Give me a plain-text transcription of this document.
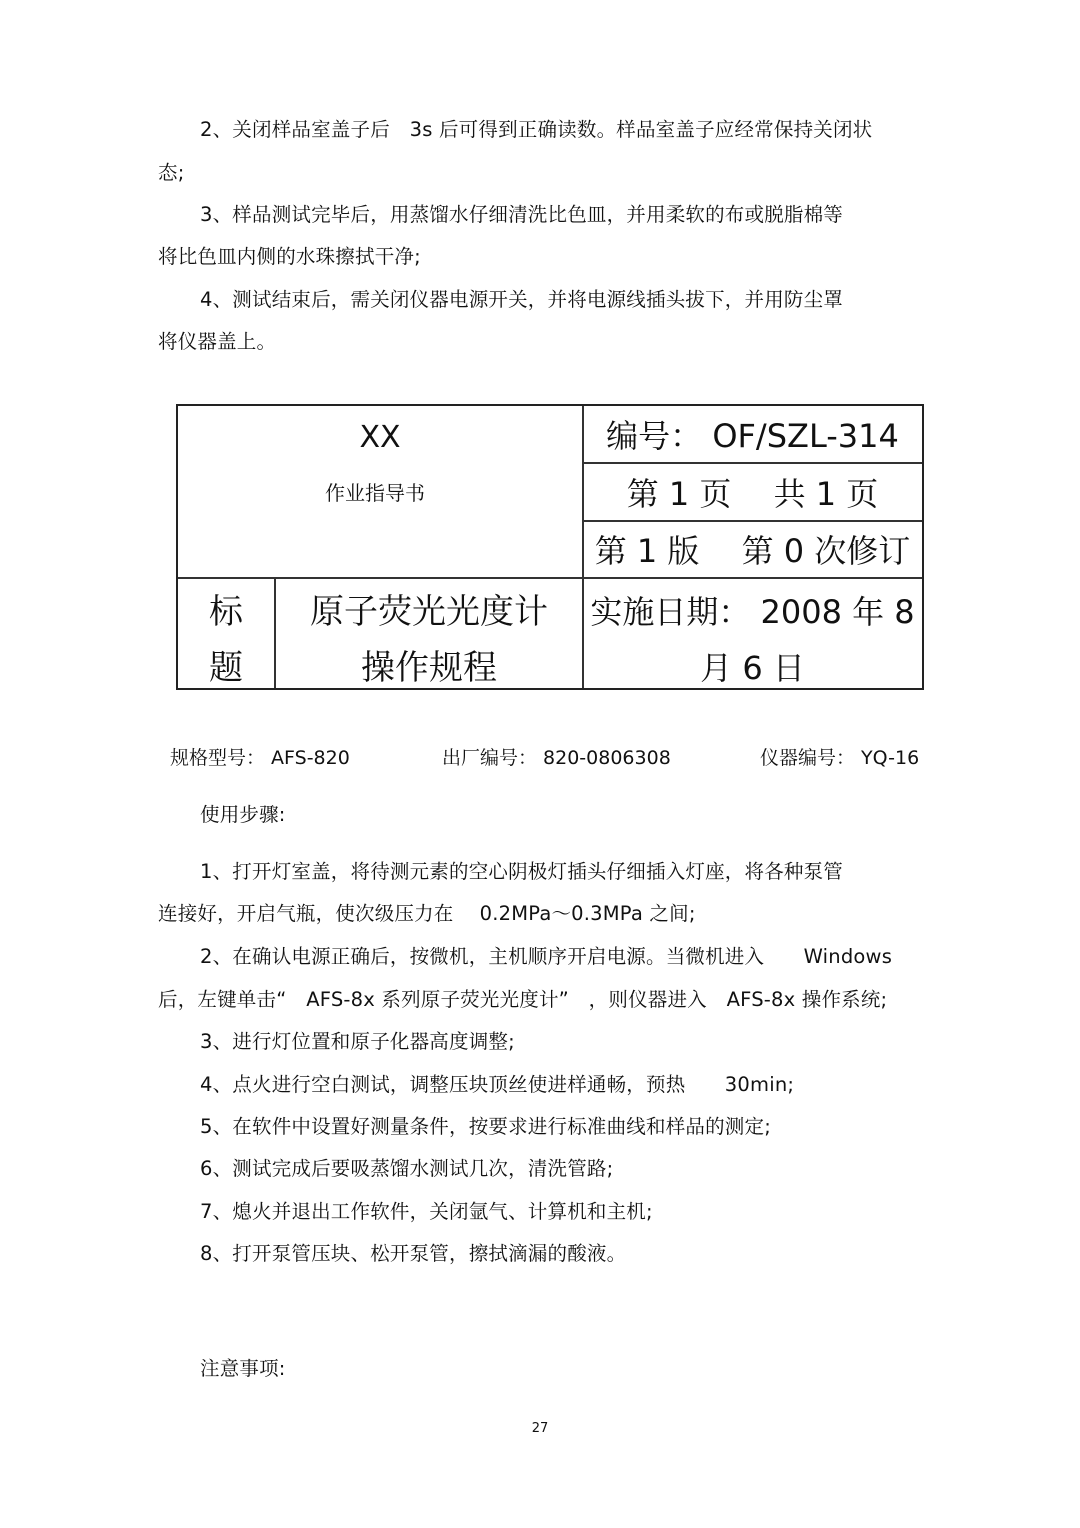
2、关闭样品室盖子后　3s 后可得到正确读数。样品室盖子应经常保持关闭状
态;
3、样品测试完毕后，用蒸馏水仔细清洗比色皿，并用柔软的布或脱脂棉等
将比色皿内侧的水珠擦拭干净;
4、测试结束后，需关闭仪器电源开关，并将电源线插头拔下，并用防尘罩
将仪器盖上。
XX
作业指导书
编号： OF/SZL-314
第 1 页　 共 1 页
第 1 版　 第 0 次修订
标
题
原子荧光光度计
操作规程
实施日期： 2008 年 8
月 6 日
规格型号： AFS-820	出厂编号： 820-0806308	仪器编号： YQ-16
使用步骤:
1、打开灯室盖，将待测元素的空心阴极灯插头仔细插入灯座，将各种泵管
连接好，开启气瓶，使次级压力在　 0.2MPa～0.3MPa 之间;
2、在确认电源正确后，按微机，主机顺序开启电源。当微机进入　　Windows
后，左键单击“　AFS-8x 系列原子荧光光度计”　，则仪器进入　AFS-8x 操作系统;
3、进行灯位置和原子化器高度调整;
4、点火进行空白测试，调整压块顶丝使进样通畅，预热　　30min;
5、在软件中设置好测量条件，按要求进行标准曲线和样品的测定;
6、测试完成后要吸蒸馏水测试几次，清洗管路;
7、熄火并退出工作软件，关闭氩气、计算机和主机;
8、打开泵管压块、松开泵管，擦拭滴漏的酸液。
注意事项:
27
